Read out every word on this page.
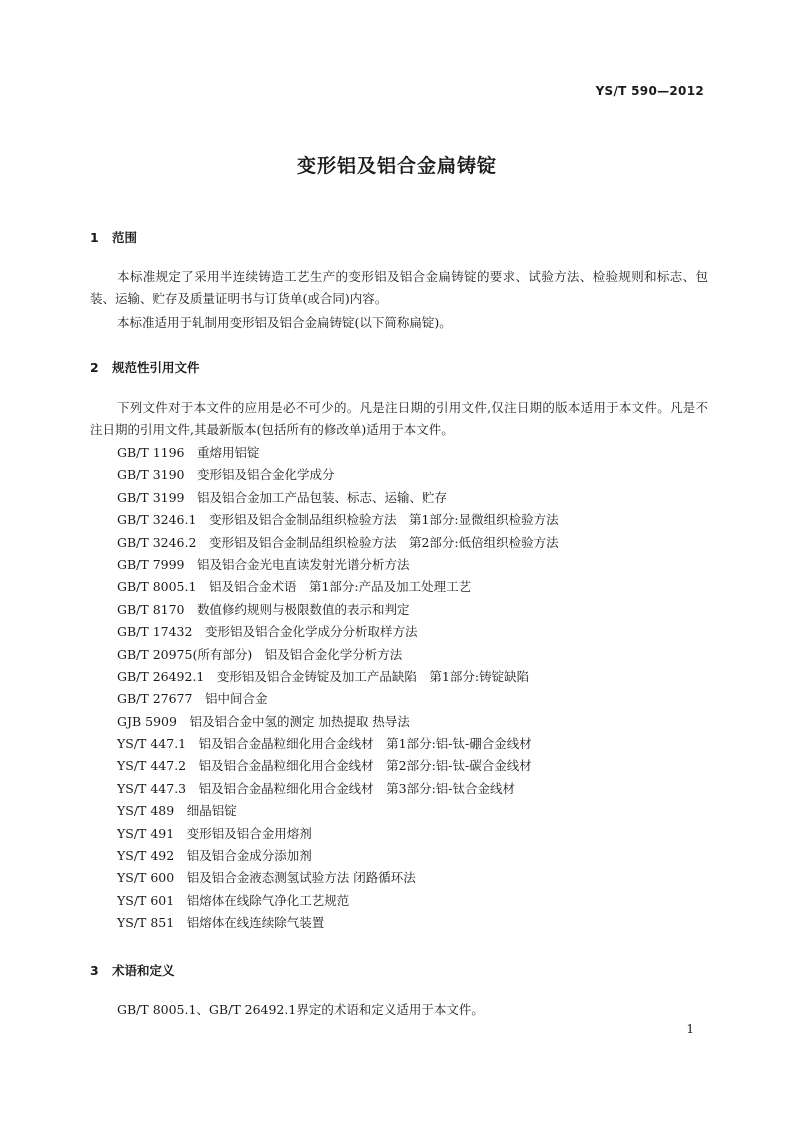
YS/T 590—2012
变形铝及铝合金扁铸锭
1 范围
本标准规定了采用半连续铸造工艺生产的变形铝及铝合金扁铸锭的要求、试验方法、检验规则和标志、包装、运输、贮存及质量证明书与订货单(或合同)内容。
本标准适用于轧制用变形铝及铝合金扁铸锭(以下简称扁锭)。
2 规范性引用文件
下列文件对于本文件的应用是必不可少的。凡是注日期的引用文件,仅注日期的版本适用于本文件。凡是不注日期的引用文件,其最新版本(包括所有的修改单)适用于本文件。
GB/T 1196　 重熔用铝锭
GB/T 3190　 变形铝及铝合金化学成分
GB/T 3199　 铝及铝合金加工产品包装、标志、运输、贮存
GB/T 3246.1　 变形铝及铝合金制品组织检验方法　第1部分:显微组织检验方法
GB/T 3246.2　 变形铝及铝合金制品组织检验方法　第2部分:低倍组织检验方法
GB/T 7999　 铝及铝合金光电直读发射光谱分析方法
GB/T 8005.1　 铝及铝合金术语　第1部分:产品及加工处理工艺
GB/T 8170　 数值修约规则与极限数值的表示和判定
GB/T 17432　 变形铝及铝合金化学成分分析取样方法
GB/T 20975(所有部分)　 铝及铝合金化学分析方法
GB/T 26492.1　 变形铝及铝合金铸锭及加工产品缺陷　第1部分:铸锭缺陷
GB/T 27677　 铝中间合金
GJB 5909　 铝及铝合金中氢的测定 加热提取 热导法
YS/T 447.1　 铝及铝合金晶粒细化用合金线材　第1部分:铝-钛-硼合金线材
YS/T 447.2　 铝及铝合金晶粒细化用合金线材　第2部分:铝-钛-碳合金线材
YS/T 447.3　 铝及铝合金晶粒细化用合金线材　第3部分:铝-钛合金线材
YS/T 489　 细晶铝锭
YS/T 491　 变形铝及铝合金用熔剂
YS/T 492　 铝及铝合金成分添加剂
YS/T 600　 铝及铝合金液态测氢试验方法 闭路循环法
YS/T 601　 铝熔体在线除气净化工艺规范
YS/T 851　 铝熔体在线连续除气装置
3 术语和定义
GB/T 8005.1、GB/T 26492.1界定的术语和定义适用于本文件。
1
